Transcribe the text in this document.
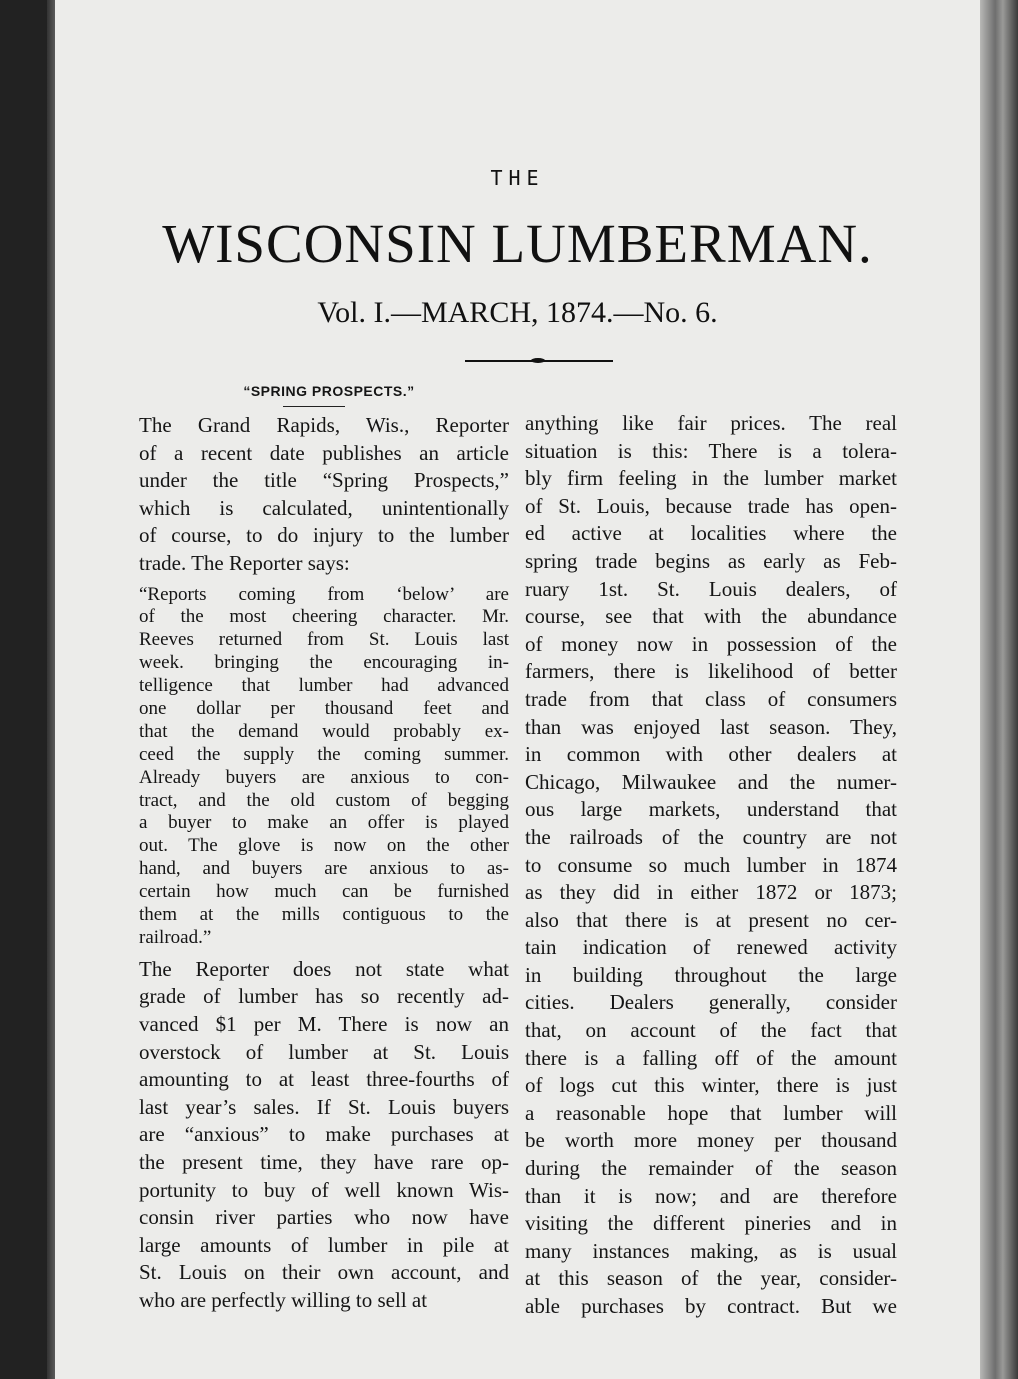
THE
WISCONSIN LUMBERMAN.
Vol. I.—MARCH, 1874.—No. 6.
“SPRING PROSPECTS.”
The Grand Rapids, Wis., Reporter
of a recent date publishes an article
under the title “Spring Prospects,”
which is calculated, unintentionally
of course, to do injury to the lumber
trade. The Reporter says:
“Reports coming from ‘below’ are
of the most cheering character. Mr.
Reeves returned from St. Louis last
week. bringing the encouraging in-
telligence that lumber had advanced
one dollar per thousand feet and
that the demand would probably ex-
ceed the supply the coming summer.
Already buyers are anxious to con-
tract, and the old custom of begging
a buyer to make an offer is played
out. The glove is now on the other
hand, and buyers are anxious to as-
certain how much can be furnished
them at the mills contiguous to the
railroad.”
The Reporter does not state what
grade of lumber has so recently ad-
vanced $1 per M. There is now an
overstock of lumber at St. Louis
amounting to at least three-fourths of
last year’s sales. If St. Louis buyers
are “anxious” to make purchases at
the present time, they have rare op-
portunity to buy of well known Wis-
consin river parties who now have
large amounts of lumber in pile at
St. Louis on their own account, and
who are perfectly willing to sell at
anything like fair prices. The real
situation is this: There is a tolera-
bly firm feeling in the lumber market
of St. Louis, because trade has open-
ed active at localities where the
spring trade begins as early as Feb-
ruary 1st. St. Louis dealers, of
course, see that with the abundance
of money now in possession of the
farmers, there is likelihood of better
trade from that class of consumers
than was enjoyed last season. They,
in common with other dealers at
Chicago, Milwaukee and the numer-
ous large markets, understand that
the railroads of the country are not
to consume so much lumber in 1874
as they did in either 1872 or 1873;
also that there is at present no cer-
tain indication of renewed activity
in building throughout the large
cities. Dealers generally, consider
that, on account of the fact that
there is a falling off of the amount
of logs cut this winter, there is just
a reasonable hope that lumber will
be worth more money per thousand
during the remainder of the season
than it is now; and are therefore
visiting the different pineries and in
many instances making, as is usual
at this season of the year, consider-
able purchases by contract. But we
